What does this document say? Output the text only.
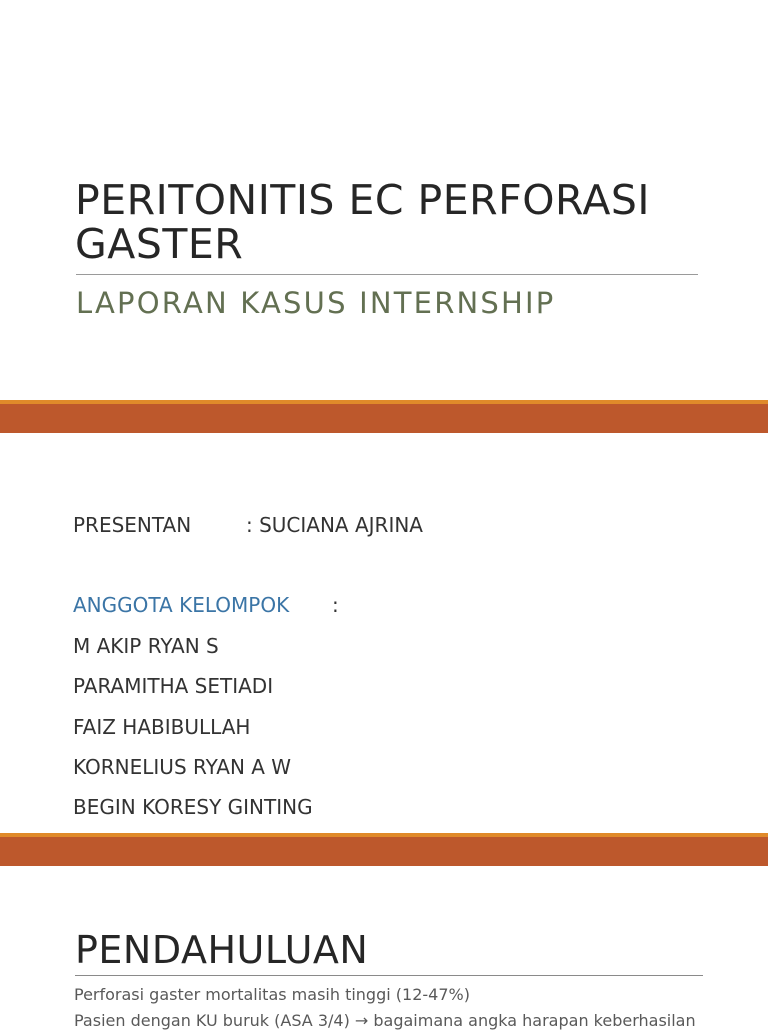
PERITONITIS EC PERFORASI GASTER
LAPORAN KASUS INTERNSHIP
PRESENTAN	: SUCIANA AJRINA
ANGGOTA KELOMPOK :
M AKIP RYAN S
PARAMITHA SETIADI
FAIZ HABIBULLAH
KORNELIUS RYAN A W
BEGIN KORESY GINTING
PENDAHULUAN
Perforasi gaster mortalitas masih tinggi (12-47%)
Pasien dengan KU buruk (ASA 3/4) → bagaimana angka harapan keberhasilan
